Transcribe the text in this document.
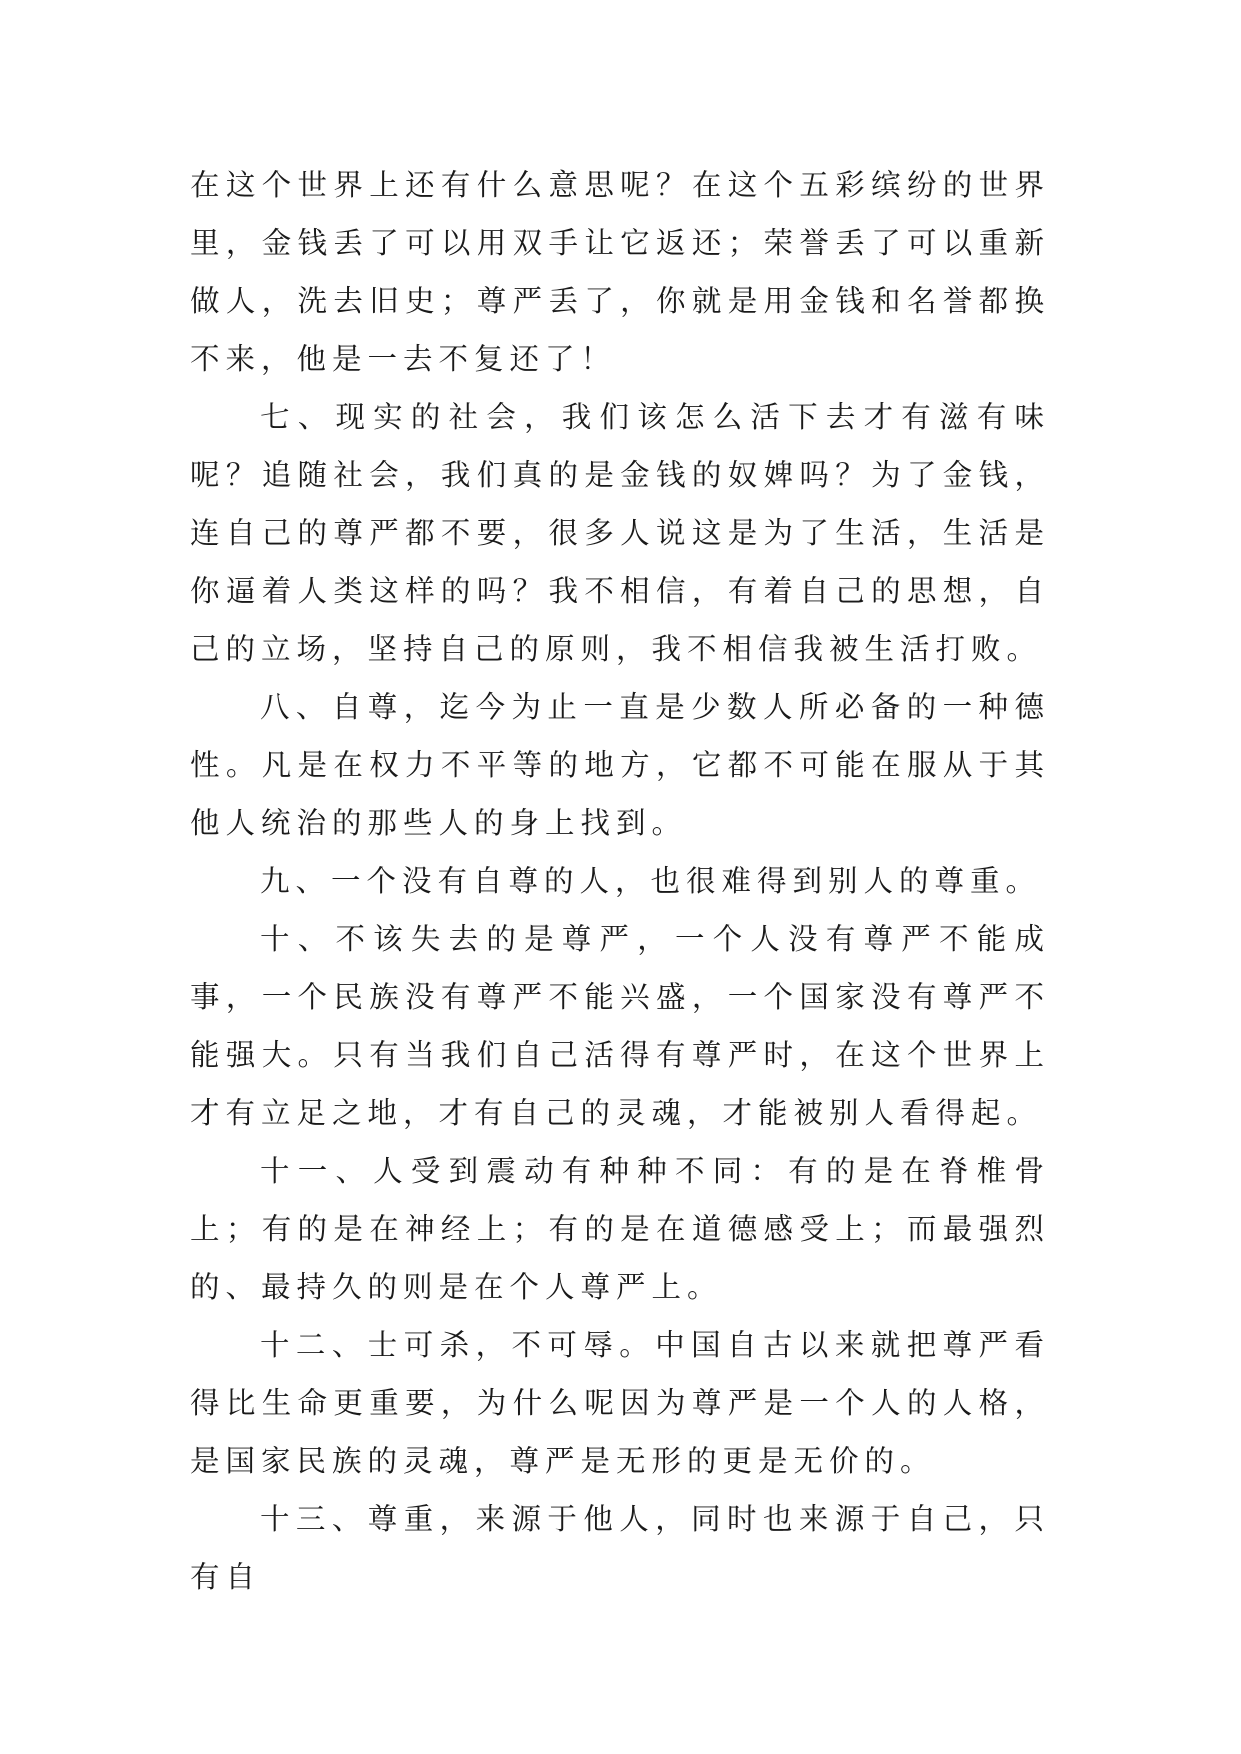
在这个世界上还有什么意思呢？在这个五彩缤纷的世界里，金钱丢了可以用双手让它返还；荣誉丢了可以重新做人，洗去旧史；尊严丢了，你就是用金钱和名誉都换不来，他是一去不复还了！

七、现实的社会，我们该怎么活下去才有滋有味呢？追随社会，我们真的是金钱的奴婢吗？为了金钱，连自己的尊严都不要，很多人说这是为了生活，生活是你逼着人类这样的吗？我不相信，有着自己的思想，自己的立场，坚持自己的原则，我不相信我被生活打败。

八、自尊，迄今为止一直是少数人所必备的一种德性。凡是在权力不平等的地方，它都不可能在服从于其他人统治的那些人的身上找到。

九、一个没有自尊的人，也很难得到别人的尊重。

十、不该失去的是尊严，一个人没有尊严不能成事，一个民族没有尊严不能兴盛，一个国家没有尊严不能强大。只有当我们自己活得有尊严时，在这个世界上才有立足之地，才有自己的灵魂，才能被别人看得起。

十一、人受到震动有种种不同：有的是在脊椎骨上；有的是在神经上；有的是在道德感受上；而最强烈的、最持久的则是在个人尊严上。

十二、士可杀，不可辱。中国自古以来就把尊严看得比生命更重要，为什么呢因为尊严是一个人的人格，是国家民族的灵魂，尊严是无形的更是无价的。

十三、尊重，来源于他人，同时也来源于自己，只有自
